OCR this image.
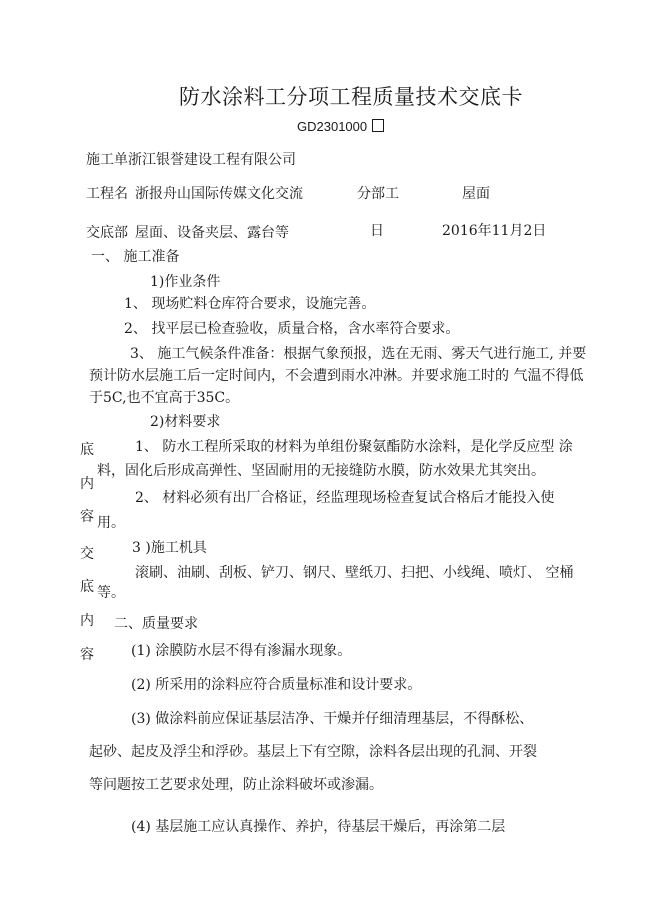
防水涂料工分项工程质量技术交底卡
GD2301000
施工单浙江银誉建设工程有限公司
工程名 浙报舟山国际传媒文化交流	分部工	屋面
交底部 屋面、设备夹层、露台等	日	2016年11月2日
底
内
容
交
底
内
容
一、 施工准备
1)作业条件
1、 现场贮料仓库符合要求，设施完善。
2、 找平层已检查验收，质量合格，含水率符合要求。
3、 施工气候条件准备：根据气象预报，选在无雨、雾天气进行施工, 并要
预计防水层施工后一定时间内，不会遭到雨水冲淋。并要求施工时的 气温不得低
于5C,也不宜高于35C。
2)材料要求
1、 防水工程所采取的材料为单组份聚氨酯防水涂料，是化学反应型 涂
料，固化后形成高弹性、坚固耐用的无接缝防水膜，防水效果尤其突出。
2、 材料必须有出厂合格证，经监理现场检查复试合格后才能投入使
用。
3 )施工机具
滚刷、油刷、刮板、铲刀、钢尺、壁纸刀、扫把、小线绳、喷灯、 空桶
等。
二、质量要求
(1) 涂膜防水层不得有渗漏水现象。
(2) 所采用的涂料应符合质量标准和设计要求。
(3) 做涂料前应保证基层洁净、干燥并仔细清理基层，不得酥松、
起砂、起皮及浮尘和浮砂。基层上下有空隙，涂料各层出现的孔洞、开裂
等问题按工艺要求处理，防止涂料破坏或渗漏。
(4) 基层施工应认真操作、养护，待基层干燥后，再涂第二层
